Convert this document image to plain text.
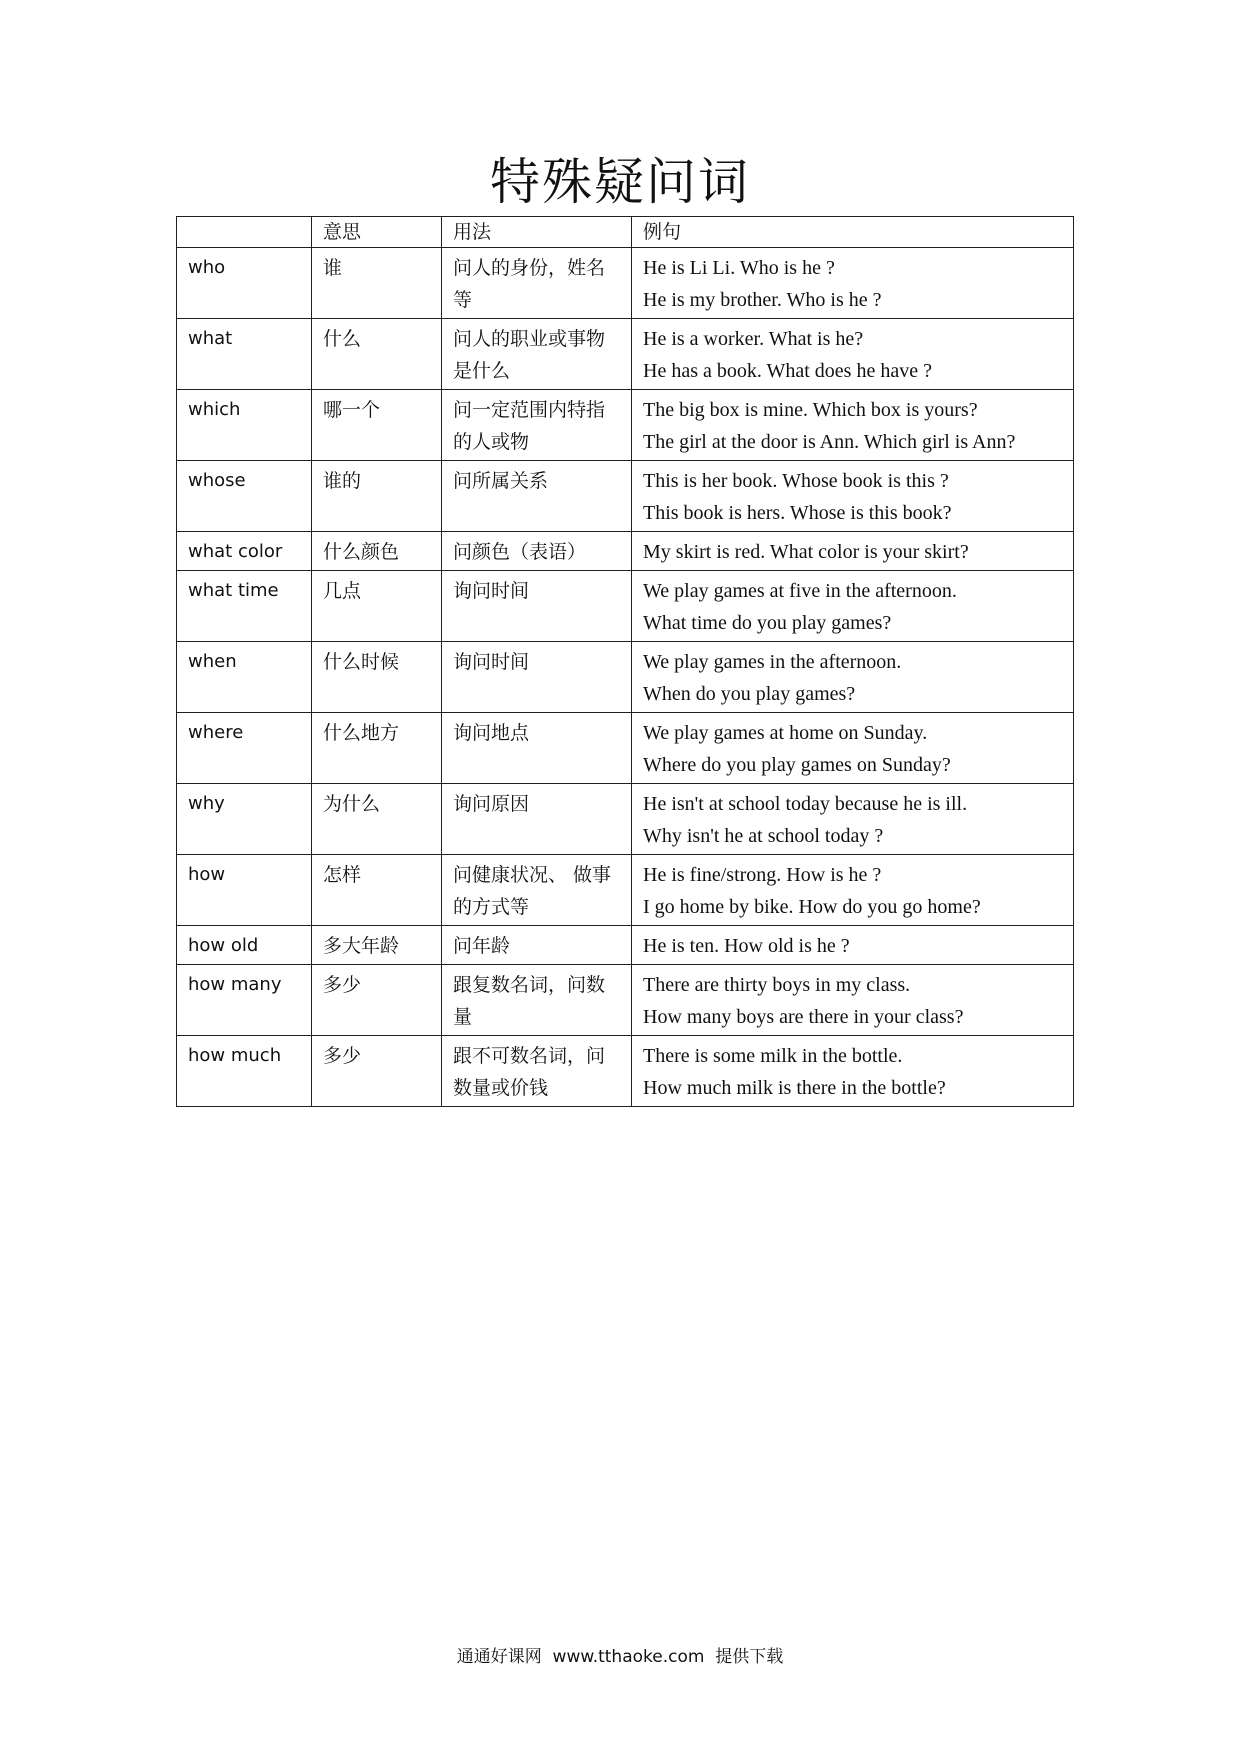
特殊疑问词
	意思	用法	例句
who	谁	问人的身份，姓名等	He is Li Li. Who is he ?
He is my brother. Who is he ?

what	什么	问人的职业或事物是什么	He is a worker. What is he?
He has a book. What does he have ?

which	哪一个	问一定范围内特指的人或物	The big box is mine. Which box is yours?
The girl at the door is Ann. Which girl is Ann?

whose	谁的	问所属关系	This is her book. Whose book is this ?
This book is hers. Whose is this book?

what color	什么颜色	问颜色（表语）	My skirt is red. What color is your skirt?

what time	几点	询问时间	We play games at five in the afternoon.
What time do you play games?

when	什么时候	询问时间	We play games in the afternoon.
When do you play games?

where	什么地方	询问地点	We play games at home on Sunday.
Where do you play games on Sunday?

why	为什么	询问原因	He isn't at school today because he is ill.
Why isn't he at school today ?

how	怎样	问健康状况、 做事的方式等	He is fine/strong. How is he ?
I go home by bike. How do you go home?

how old	多大年龄	问年龄	He is ten. How old is he ?

how many	多少	跟复数名词，问数量	There are thirty boys in my class.
How many boys are there in your class?

how much	多少	跟不可数名词，问数量或价钱	There is some milk in the bottle.
How much milk is there in the bottle?
通通好课网  www.tthaoke.com  提供下载
